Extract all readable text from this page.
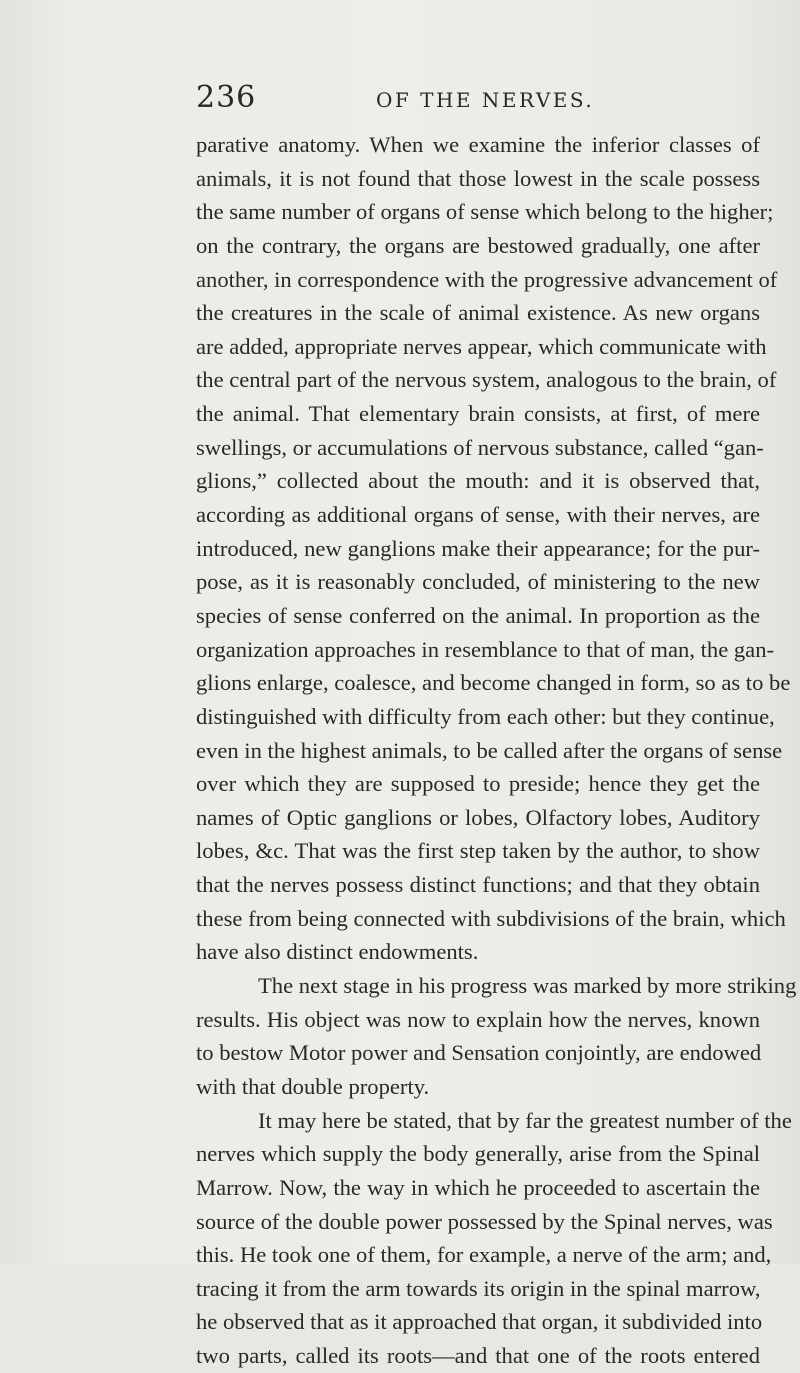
236	OF THE NERVES.
parative anatomy. When we examine the inferior classes of
animals, it is not found that those lowest in the scale possess
the same number of organs of sense which belong to the higher;
on the contrary, the organs are bestowed gradually, one after
another, in correspondence with the progressive advancement of
the creatures in the scale of animal existence. As new organs
are added, appropriate nerves appear, which communicate with
the central part of the nervous system, analogous to the brain, of
the animal. That elementary brain consists, at first, of mere
swellings, or accumulations of nervous substance, called “gan-
glions,” collected about the mouth: and it is observed that,
according as additional organs of sense, with their nerves, are
introduced, new ganglions make their appearance; for the pur-
pose, as it is reasonably concluded, of ministering to the new
species of sense conferred on the animal. In proportion as the
organization approaches in resemblance to that of man, the gan-
glions enlarge, coalesce, and become changed in form, so as to be
distinguished with difficulty from each other: but they continue,
even in the highest animals, to be called after the organs of sense
over which they are supposed to preside; hence they get the
names of Optic ganglions or lobes, Olfactory lobes, Auditory
lobes, &c. That was the first step taken by the author, to show
that the nerves possess distinct functions; and that they obtain
these from being connected with subdivisions of the brain, which
have also distinct endowments.
The next stage in his progress was marked by more striking
results. His object was now to explain how the nerves, known
to bestow Motor power and Sensation conjointly, are endowed
with that double property.
It may here be stated, that by far the greatest number of the
nerves which supply the body generally, arise from the Spinal
Marrow. Now, the way in which he proceeded to ascertain the
source of the double power possessed by the Spinal nerves, was
this. He took one of them, for example, a nerve of the arm; and,
tracing it from the arm towards its origin in the spinal marrow,
he observed that as it approached that organ, it subdivided into
two parts, called its roots—and that one of the roots entered
